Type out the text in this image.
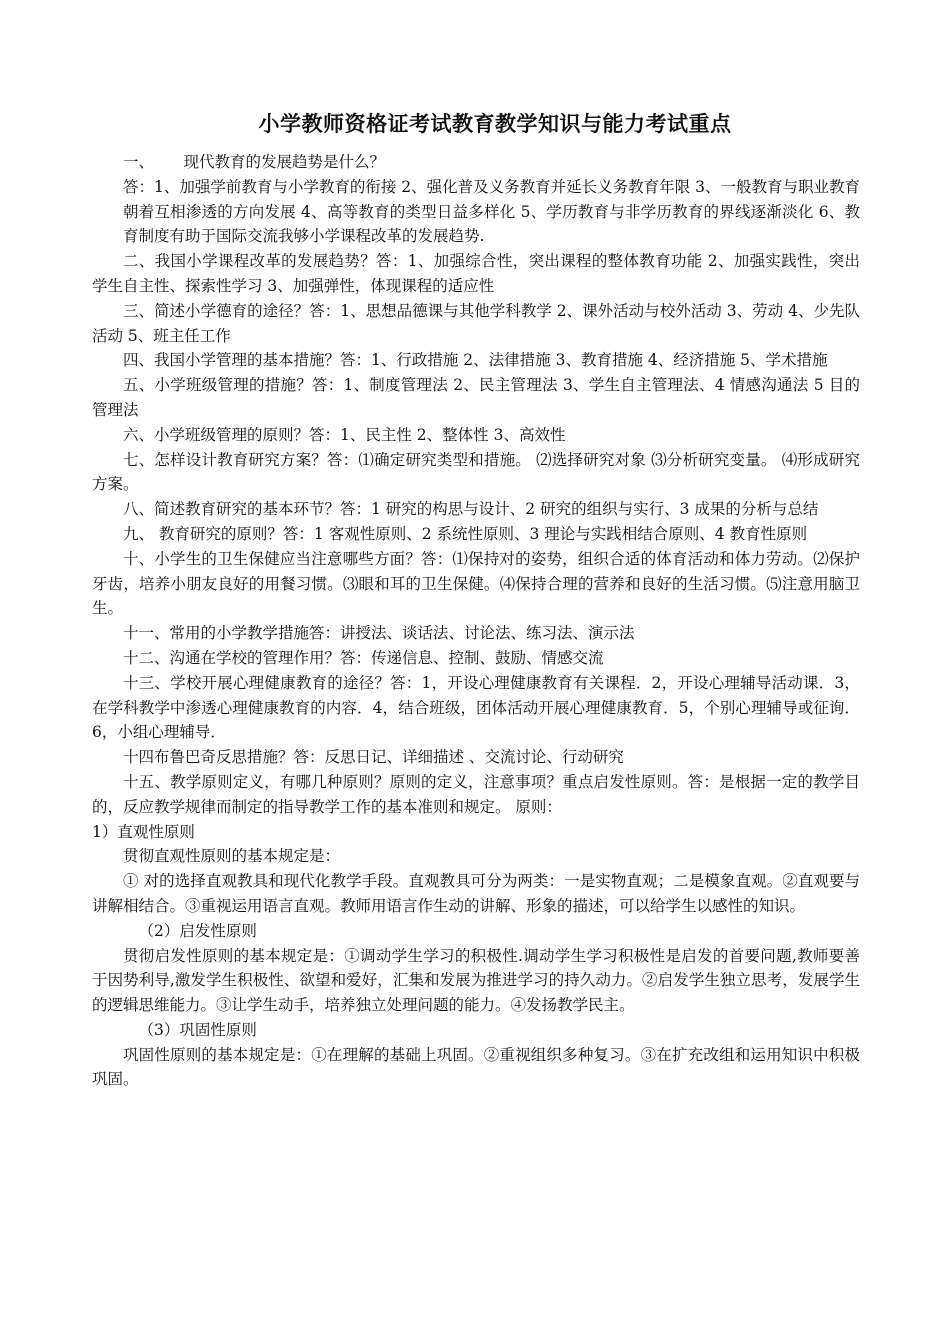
小学教师资格证考试教育教学知识与能力考试重点

一、 现代教育的发展趋势是什么？

答：1、加强学前教育与小学教育的衔接 2、强化普及义务教育并延长义务教育年限 3、一般教育与职业教育朝着互相渗透的方向发展 4、高等教育的类型日益多样化 5、学历教育与非学历教育的界线逐渐淡化 6、教育制度有助于国际交流我够小学课程改革的发展趋势.

二、我国小学课程改革的发展趋势？答：1、加强综合性，突出课程的整体教育功能 2、加强实践性，突出学生自主性、探索性学习 3、加强弹性，体现课程的适应性

三、简述小学德育的途径？答：1、思想品德课与其他学科教学 2、课外活动与校外活动 3、劳动 4、少先队活动 5、班主任工作

四、我国小学管理的基本措施？答：1、行政措施 2、法律措施 3、教育措施 4、经济措施 5、学术措施

五、小学班级管理的措施？答：1、制度管理法 2、民主管理法 3、学生自主管理法、4 情感沟通法 5 目的管理法

六、小学班级管理的原则？答：1、民主性 2、整体性 3、高效性

七、怎样设计教育研究方案？答：⑴确定研究类型和措施。 ⑵选择研究对象 ⑶分析研究变量。 ⑷形成研究方案。

八、简述教育研究的基本环节？答：1 研究的构思与设计、2 研究的组织与实行、3 成果的分析与总结

九、 教育研究的原则？答：1 客观性原则、2 系统性原则、3 理论与实践相结合原则、4 教育性原则

十、小学生的卫生保健应当注意哪些方面？答：⑴保持对的姿势，组织合适的体育活动和体力劳动。⑵保护牙齿，培养小朋友良好的用餐习惯。⑶眼和耳的卫生保健。⑷保持合理的营养和良好的生活习惯。⑸注意用脑卫生。

十一、常用的小学教学措施答：讲授法、谈话法、讨论法、练习法、演示法

十二、沟通在学校的管理作用？答：传递信息、控制、鼓励、情感交流

十三、学校开展心理健康教育的途径？答：1，开设心理健康教育有关课程．2，开设心理辅导活动课．3，在学科教学中渗透心理健康教育的内容．4，结合班级，团体活动开展心理健康教育．5，个别心理辅导或征询．6，小组心理辅导．

十四布鲁巴奇反思措施？答：反思日记、详细描述 、交流讨论、行动研究

十五、教学原则定义，有哪几种原则？原则的定义，注意事项？重点启发性原则。答：是根据一定的教学目的，反应教学规律而制定的指导教学工作的基本准则和规定。 原则：

1）直观性原则

贯彻直观性原则的基本规定是：

① 对的选择直观教具和现代化教学手段。直观教具可分为两类：一是实物直观；二是模象直观。②直观要与讲解相结合。③重视运用语言直观。教师用语言作生动的讲解、形象的描述，可以给学生以感性的知识。

（2）启发性原则

贯彻启发性原则的基本规定是：①调动学生学习的积极性.调动学生学习积极性是启发的首要问题,教师要善于因势利导,激发学生积极性、欲望和爱好，汇集和发展为推进学习的持久动力。②启发学生独立思考，发展学生的逻辑思维能力。③让学生动手，培养独立处理问题的能力。④发扬教学民主。

（3）巩固性原则

巩固性原则的基本规定是：①在理解的基础上巩固。②重视组织多种复习。③在扩充改组和运用知识中积极巩固。
